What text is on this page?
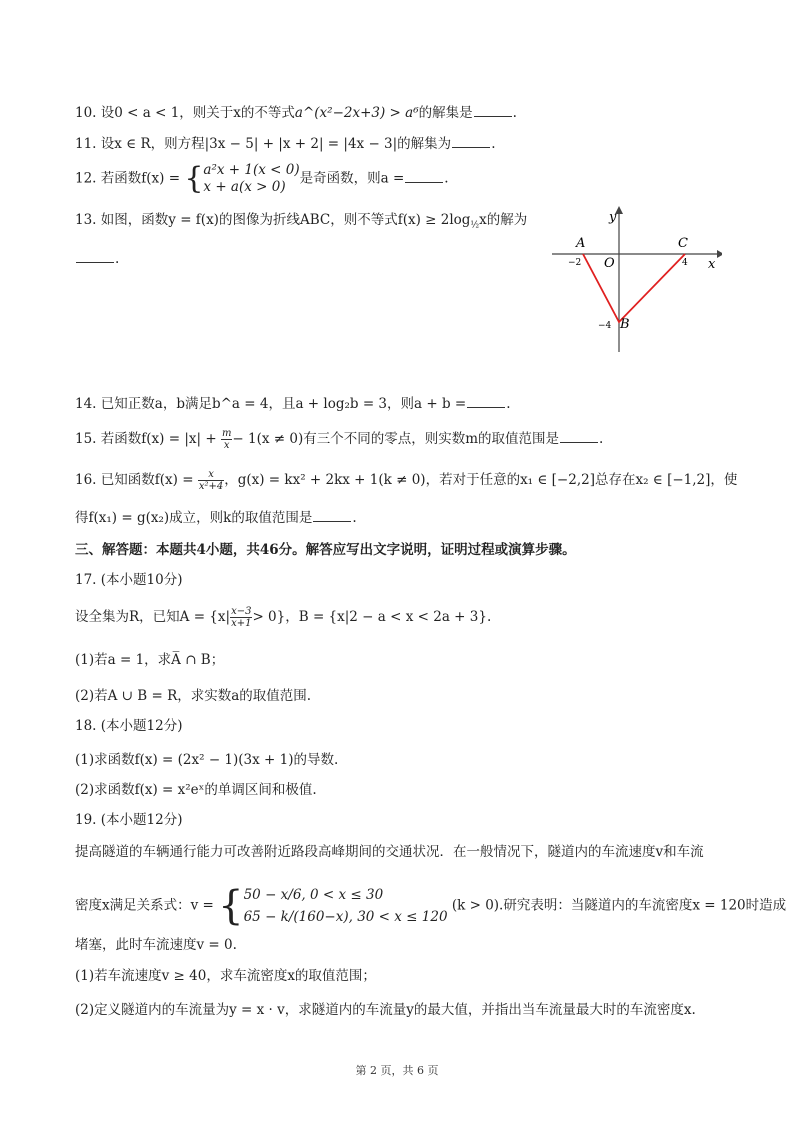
10. 设0 < a < 1，则关于x的不等式a^(x²−2x+3) > a⁶的解集是	.
11. 设x ∈ R，则方程|3x − 5| + |x + 2| = |4x − 3|的解集为	.
12. 若函数f(x) = { a²x + 1(x < 0)
x + a(x > 0)
是奇函数，则a =	.
13. 如图，函数y = f(x)的图像为折线ABC，则不等式$f(x) \ge 2\log_{\frac{1}{2}}x$的解为
.
y
x
A	C
O
B
−2	4
−4
14. 已知正数a，b满足b^a = 4，且a + log₂b = 3，则a + b =	.
15. 若函数$f(x) = |x| + \frac{m}{x} - 1(x \ne 0)$有三个不同的零点，则实数m的取值范围是	.
16. 已知函数$f(x) = \frac{x}{\text{x²+4}}$ ，g(x) = kx² + 2kx + 1(k ≠ 0)，若对于任意的x₁ ∈ [−2,2]总存在x₂ ∈ [−1,2]，使
得f(x₁) = g(x₂)成立，则k的取值范围是	.
三、解答题：本题共4小题，共46分。解答应写出文字说明，证明过程或演算步骤。
17. (本小题10分)
设全集为R，已知$A = \{x| \frac{x-3}{x+1} > 0\}$，B = {x|2 − a < x < 2a + 3}.
(1)若a = 1，求A̅ ∩ B；
(2)若A ∪ B = R，求实数a的取值范围.
18. (本小题12分)
(1)求函数f(x) = (2x² − 1)(3x + 1)的导数.
(2)求函数f(x) = x²eˣ的单调区间和极值.
19. (本小题12分)
提高隧道的车辆通行能力可改善附近路段高峰期间的交通状况．在一般情况下，隧道内的车流速度v和车流
密度x满足关系式：v = { 50 − x/6, 0 < x ≤ 30
65 − k/(160−x), 30 < x ≤ 120
(k > 0).研究表明：当隧道内的车流密度x = 120时造成
堵塞，此时车流速度v = 0.
(1)若车流速度v ≥ 40，求车流密度x的取值范围；
(2)定义隧道内的车流量为y = x · v，求隧道内的车流量y的最大值，并指出当车流量最大时的车流密度x.
第 2 页，共 6 页
